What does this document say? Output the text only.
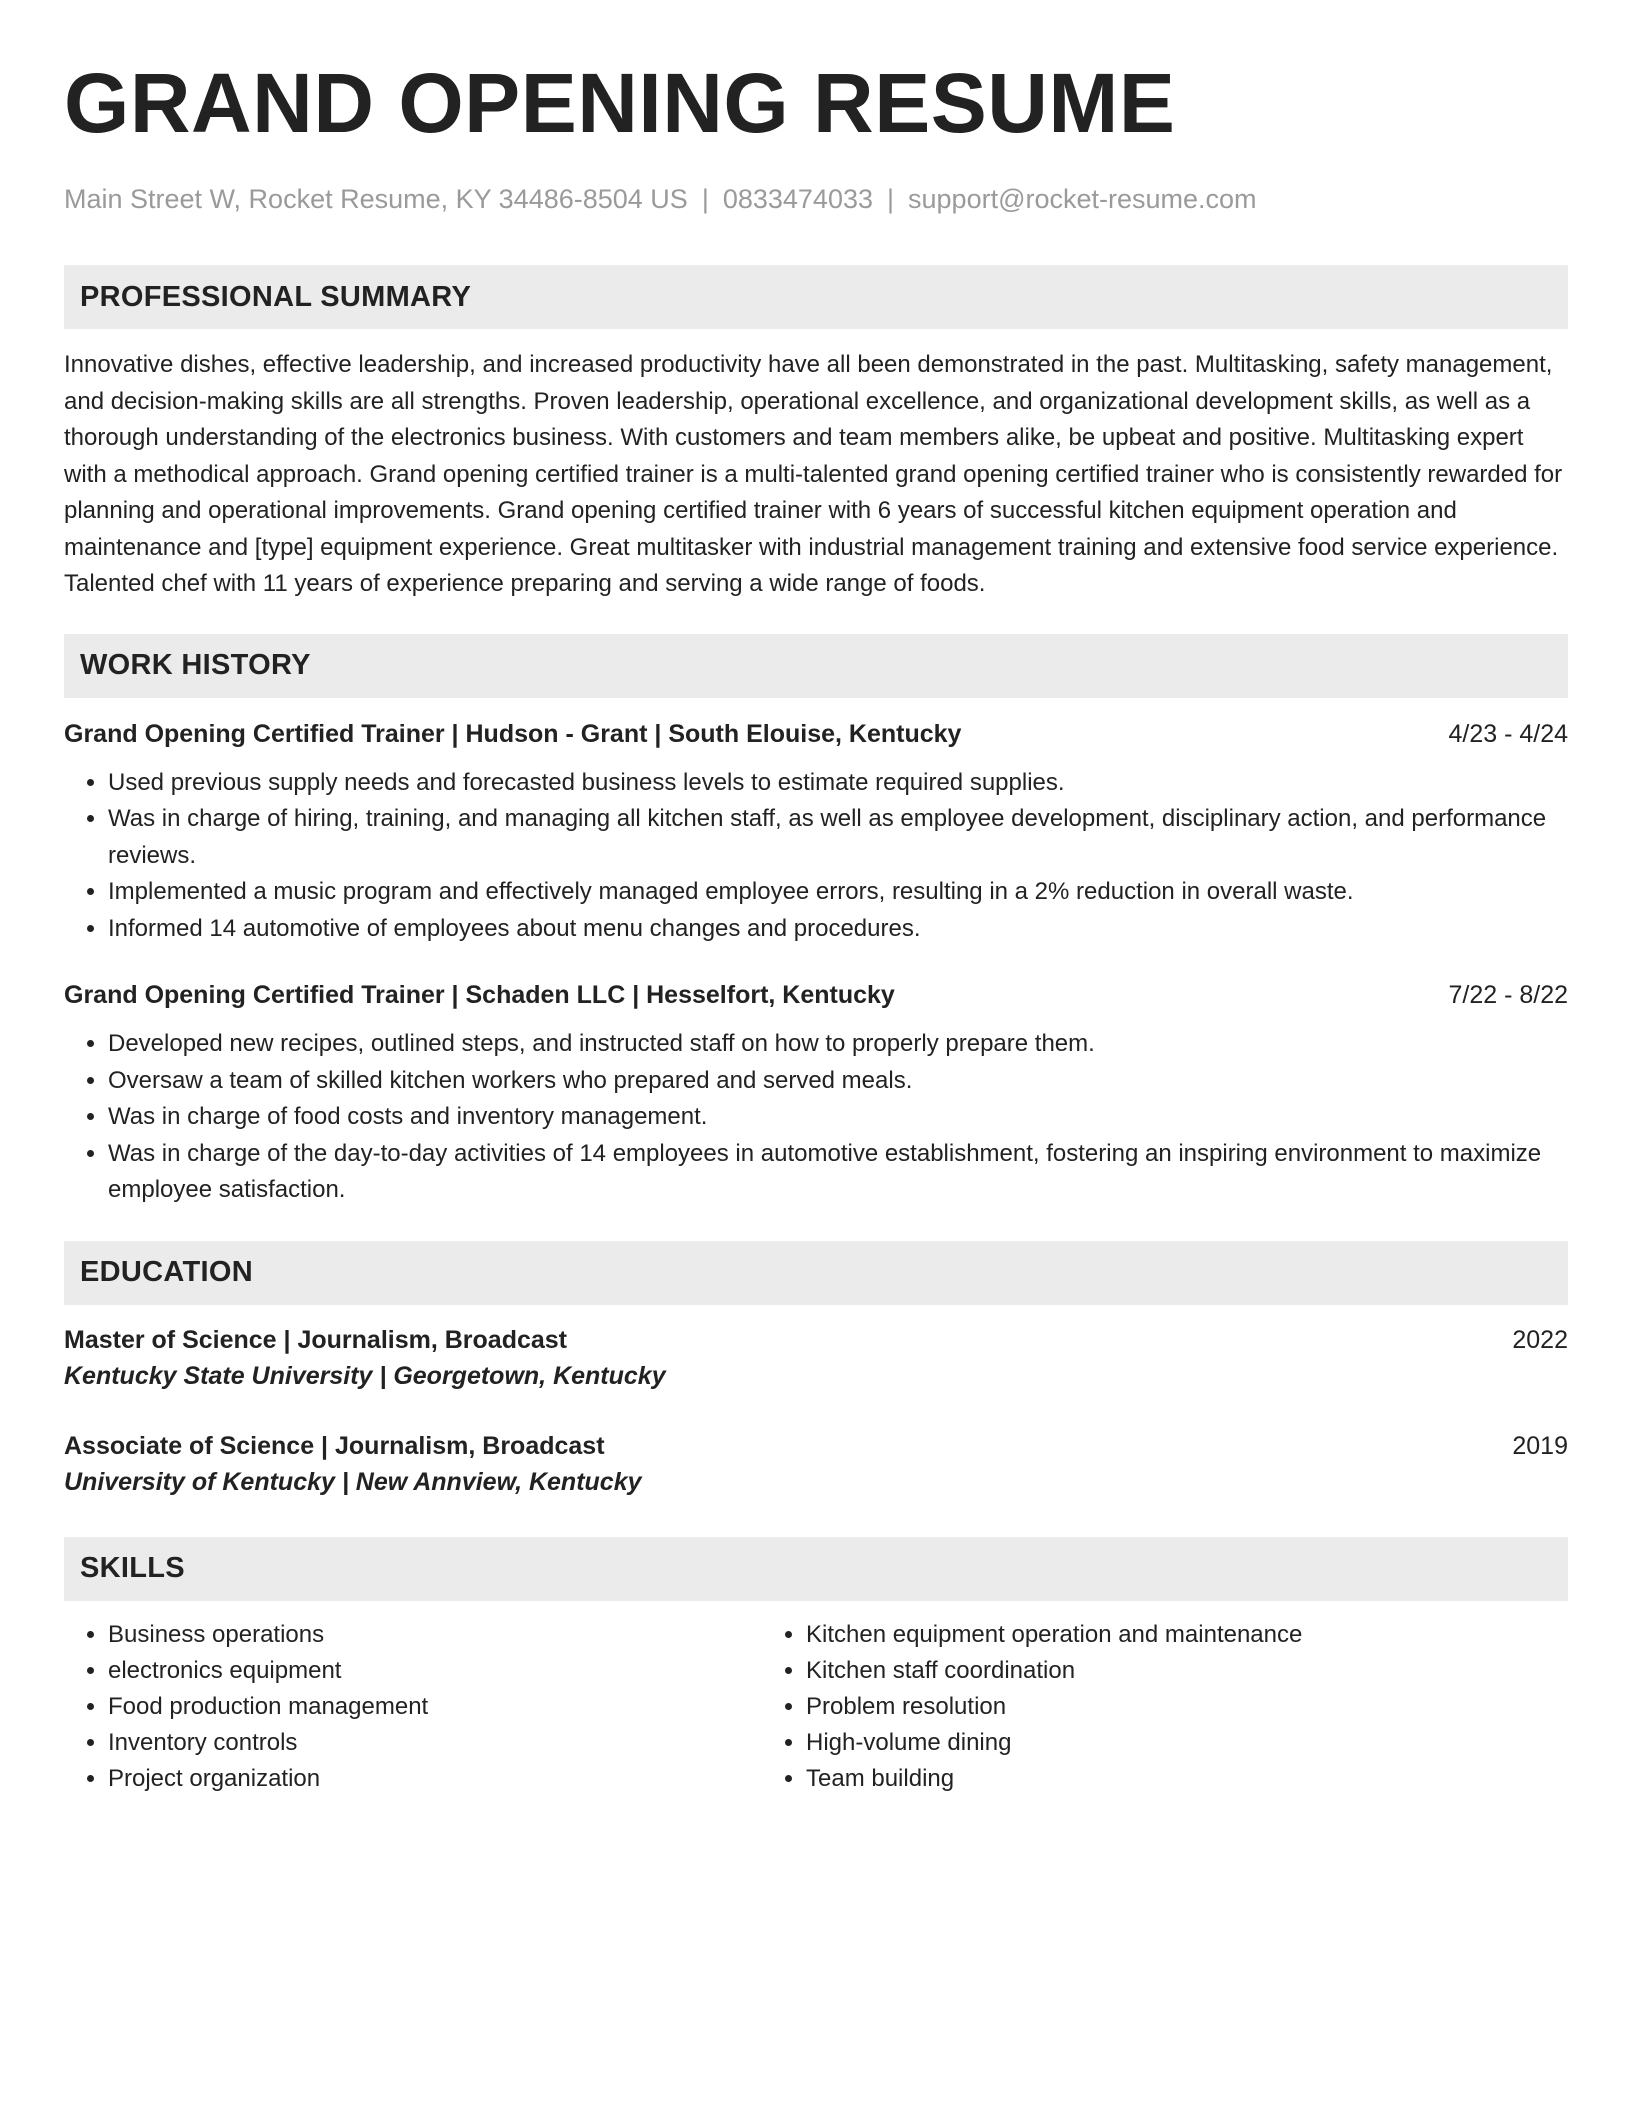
GRAND OPENING RESUME
Main Street W, Rocket Resume, KY 34486-8504 US | 0833474033 | support@rocket-resume.com
PROFESSIONAL SUMMARY

Innovative dishes, effective leadership, and increased productivity have all been demonstrated in the past. Multitasking, safety management, and decision-making skills are all strengths. Proven leadership, operational excellence, and organizational development skills, as well as a thorough understanding of the electronics business. With customers and team members alike, be upbeat and positive. Multitasking expert with a methodical approach. Grand opening certified trainer is a multi-talented grand opening certified trainer who is consistently rewarded for planning and operational improvements. Grand opening certified trainer with 6 years of successful kitchen equipment operation and maintenance and [type] equipment experience. Great multitasker with industrial management training and extensive food service experience. Talented chef with 11 years of experience preparing and serving a wide range of foods.

WORK HISTORY
Grand Opening Certified Trainer | Hudson - Grant | South Elouise, Kentucky	4/23 - 4/24
• Used previous supply needs and forecasted business levels to estimate required supplies.
• Was in charge of hiring, training, and managing all kitchen staff, as well as employee development, disciplinary action, and performance reviews.
• Implemented a music program and effectively managed employee errors, resulting in a 2% reduction in overall waste.
• Informed 14 automotive of employees about menu changes and procedures.
Grand Opening Certified Trainer | Schaden LLC | Hesselfort, Kentucky	7/22 - 8/22
• Developed new recipes, outlined steps, and instructed staff on how to properly prepare them.
• Oversaw a team of skilled kitchen workers who prepared and served meals.
• Was in charge of food costs and inventory management.
• Was in charge of the day-to-day activities of 14 employees in automotive establishment, fostering an inspiring environment to maximize employee satisfaction.
EDUCATION
Master of Science | Journalism, Broadcast	2022
Kentucky State University | Georgetown, Kentucky
Associate of Science | Journalism, Broadcast	2019
University of Kentucky | New Annview, Kentucky
SKILLS
• Business operations
• electronics equipment
• Food production management
• Inventory controls
• Project organization
• Kitchen equipment operation and maintenance
• Kitchen staff coordination
• Problem resolution
• High-volume dining
• Team building
